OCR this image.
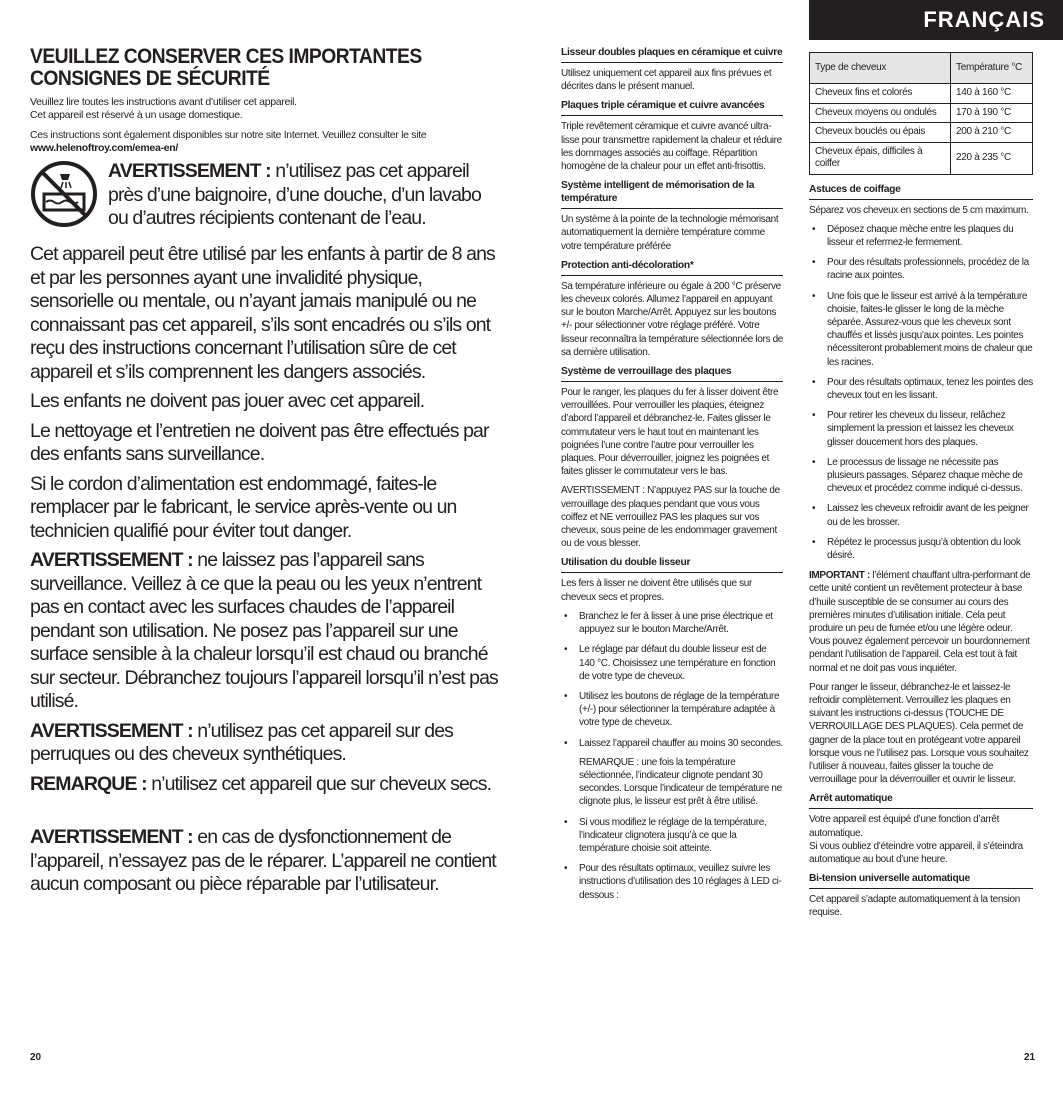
FRANÇAIS
VEUILLEZ CONSERVER CES IMPORTANTES CONSIGNES DE SÉCURITÉ
Veuillez lire toutes les instructions avant d’utiliser cet appareil.
Cet appareil est réservé à un usage domestique.
Ces instructions sont également disponibles sur notre site Internet. Veuillez consulter le site
www.helenoftroy.com/emea-en/

AVERTISSEMENT : n’utilisez pas cet appareil près d’une baignoire, d’une douche, d’un lavabo ou d’autres récipients contenant de l’eau.

Cet appareil peut être utilisé par les enfants à partir de 8 ans et par les personnes ayant une invalidité physique, sensorielle ou mentale, ou n’ayant jamais manipulé ou ne connaissant pas cet appareil, s’ils sont encadrés ou s’ils ont reçu des instructions concernant l’utilisation sûre de cet appareil et s’ils comprennent les dangers associés.

Les enfants ne doivent pas jouer avec cet appareil.

Le nettoyage et l’entretien ne doivent pas être effectués par des enfants sans surveillance.

Si le cordon d’alimentation est endommagé, faites-le remplacer par le fabricant, le service après-vente ou un technicien qualifié pour éviter tout danger.

AVERTISSEMENT : ne laissez pas l’appareil sans surveillance. Veillez à ce que la peau ou les yeux n’entrent pas en contact avec les surfaces chaudes de l’appareil pendant son utilisation. Ne posez pas l’appareil sur une surface sensible à la chaleur lorsqu’il est chaud ou branché sur secteur. Débranchez toujours l’appareil lorsqu’il n’est pas utilisé.

AVERTISSEMENT : n’utilisez pas cet appareil sur des perruques ou des cheveux synthétiques.

REMARQUE : n’utilisez cet appareil que sur cheveux secs.

AVERTISSEMENT : en cas de dysfonctionnement de l’appareil, n’essayez pas de le réparer. L’appareil ne contient aucun composant ou pièce réparable par l’utilisateur.

20
Lisseur doubles plaques en céramique et cuivre

Utilisez uniquement cet appareil aux fins prévues et décrites dans le présent manuel.

Plaques triple céramique et cuivre avancées

Triple revêtement céramique et cuivre avancé ultra-lisse pour transmettre rapidement la chaleur et réduire les dommages associés au coiffage. Répartition homogène de la chaleur pour un effet anti-frisottis.

Système intelligent de mémorisation de la température

Un système à la pointe de la technologie mémorisant automatiquement la dernière température comme votre température préférée

Protection anti-décoloration*

Sa température inférieure ou égale à 200 °C préserve les cheveux colorés. Allumez l’appareil en appuyant sur le bouton Marche/Arrêt. Appuyez sur les boutons +/- pour sélectionner votre réglage préféré. Votre lisseur reconnaîtra la température sélectionnée lors de sa dernière utilisation.

Système de verrouillage des plaques

Pour le ranger, les plaques du fer à lisser doivent être verrouillées. Pour verrouiller les plaques, éteignez d’abord l’appareil et débranchez-le. Faites glisser le commutateur vers le haut tout en maintenant les poignées l’une contre l’autre pour verrouiller les plaques. Pour déverrouiller, joignez les poignées et faites glisser le commutateur vers le bas.

AVERTISSEMENT : N’appuyez PAS sur la touche de verrouillage des plaques pendant que vous vous coiffez et NE verrouillez PAS les plaques sur vos cheveux, sous peine de les endommager gravement ou de vous blesser.

Utilisation du double lisseur

Les fers à lisser ne doivent être utilisés que sur cheveux secs et propres.

• Branchez le fer à lisser à une prise électrique et appuyez sur le bouton Marche/Arrêt.
• Le réglage par défaut du double lisseur est de 140 °C. Choisissez une température en fonction de votre type de cheveux.
• Utilisez les boutons de réglage de la température (+/-) pour sélectionner la température adaptée à votre type de cheveux.
• Laissez l’appareil chauffer au moins 30 secondes.
REMARQUE : une fois la température sélectionnée, l’indicateur clignote pendant 30 secondes. Lorsque l’indicateur de température ne clignote plus, le lisseur est prêt à être utilisé.
• Si vous modifiez le réglage de la température, l’indicateur clignotera jusqu’à ce que la température choisie soit atteinte.
• Pour des résultats optimaux, veuillez suivre les instructions d’utilisation des 10 réglages à LED ci-dessous :
Type de cheveux	Température °C
Cheveux fins et colorés	140 à 160 °C
Cheveux moyens ou ondulés	170 à 190 °C
Cheveux bouclés ou épais	200 à 210 °C
Cheveux épais, difficiles à coiffer	220 à 235 °C
Astuces de coiffage

Séparez vos cheveux en sections de 5 cm maximum.

• Déposez chaque mèche entre les plaques du lisseur et refermez-le fermement.
• Pour des résultats professionnels, procédez de la racine aux pointes.
• Une fois que le lisseur est arrivé à la température choisie, faites-le glisser le long de la mèche séparée. Assurez-vous que les cheveux sont chauffés et lissés jusqu’aux pointes. Les pointes nécessiteront probablement moins de chaleur que les racines.
• Pour des résultats optimaux, tenez les pointes des cheveux tout en les lissant.
• Pour retirer les cheveux du lisseur, relâchez simplement la pression et laissez les cheveux glisser doucement hors des plaques.
• Le processus de lissage ne nécessite pas plusieurs passages. Séparez chaque mèche de cheveux et procédez comme indiqué ci-dessus.
• Laissez les cheveux refroidir avant de les peigner ou de les brosser.
• Répétez le processus jusqu’à obtention du look désiré.

IMPORTANT : l’élément chauffant ultra-performant de cette unité contient un revêtement protecteur à base d’huile susceptible de se consumer au cours des premières minutes d’utilisation initiale. Cela peut produire un peu de fumée et/ou une légère odeur. Vous pouvez également percevoir un bourdonnement pendant l’utilisation de l’appareil. Cela est tout à fait normal et ne doit pas vous inquiéter.

Pour ranger le lisseur, débranchez-le et laissez-le refroidir complètement. Verrouillez les plaques en suivant les instructions ci-dessus (TOUCHE DE VERROUILLAGE DES PLAQUES). Cela permet de gagner de la place tout en protégeant votre appareil lorsque vous ne l’utilisez pas. Lorsque vous souhaitez l’utiliser à nouveau, faites glisser la touche de verrouillage pour la déverrouiller et ouvrir le lisseur.

Arrêt automatique

Votre appareil est équipé d’une fonction d’arrêt automatique.

Si vous oubliez d’éteindre votre appareil, il s’éteindra automatique au bout d’une heure.

Bi-tension universelle automatique

Cet appareil s’adapte automatiquement à la tension requise.

21
